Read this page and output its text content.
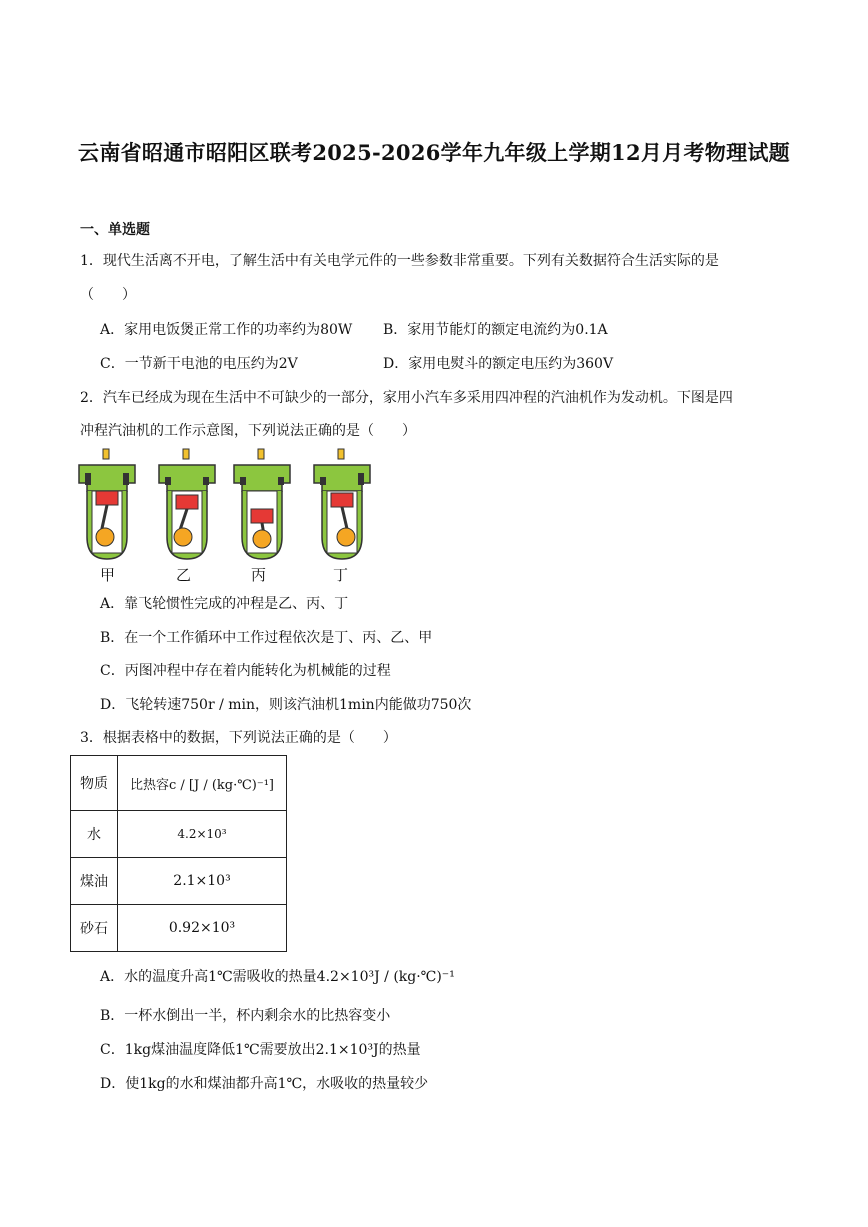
云南省昭通市昭阳区联考2025-2026学年九年级上学期12月月考物理试题
一、单选题
1．现代生活离不开电，了解生活中有关电学元件的一些参数非常重要。下列有关数据符合生活实际的是
（　　）
A．家用电饭煲正常工作的功率约为80W B．家用节能灯的额定电流约为0.1A
C．一节新干电池的电压约为2V	D．家用电熨斗的额定电压约为360V
2．汽车已经成为现在生活中不可缺少的一部分，家用小汽车多采用四冲程的汽油机作为发动机。下图是四
冲程汽油机的工作示意图，下列说法正确的是（　　）
甲	乙	丙	丁
A．靠飞轮惯性完成的冲程是乙、丙、丁
B．在一个工作循环中工作过程依次是丁、丙、乙、甲
C．丙图冲程中存在着内能转化为机械能的过程
D．飞轮转速750r / min，则该汽油机1min内能做功750次
3．根据表格中的数据，下列说法正确的是（　　）
物质	比热容c / [J / (kg·℃)⁻¹]
水	4.2×10³
煤油	2.1×10³
砂石	0.92×10³
A．水的温度升高1℃需吸收的热量4.2×10³J / (kg·℃)⁻¹
B．一杯水倒出一半，杯内剩余水的比热容变小
C．1kg煤油温度降低1℃需要放出2.1×10³J的热量
D．使1kg的水和煤油都升高1℃，水吸收的热量较少
